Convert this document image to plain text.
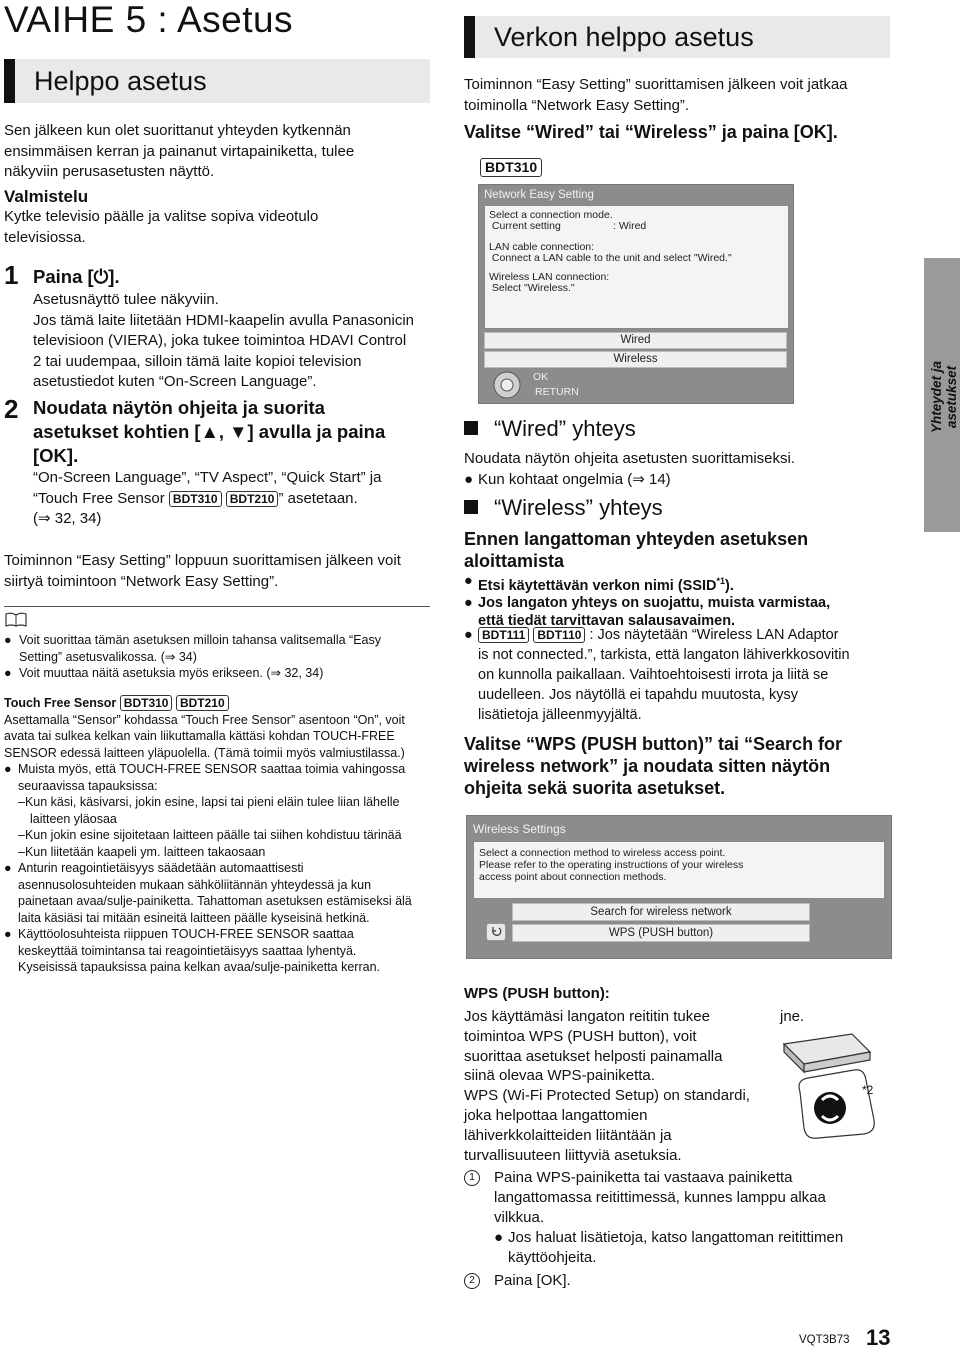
VAIHE 5 : Asetus
Helppo asetus
Sen jälkeen kun olet suorittanut yhteyden kytkennän
ensimmäisen kerran ja painanut virtapainiketta, tulee
näkyviin perusasetusten näyttö.
Valmistelu
Kytke televisio päälle ja valitse sopiva videotulo
televisiossa.
1 Paina [⏻].
Asetusnäyttö tulee näkyviin.
Jos tämä laite liitetään HDMI-kaapelin avulla Panasonicin
televisioon (VIERA), joka tukee toimintoa HDAVI Control
2 tai uudempaa, silloin tämä laite kopioi television
asetustiedot kuten “On-Screen Language”.
2 Noudata näytön ohjeita ja suorita
asetukset kohtien [▲, ▼] avulla ja paina
[OK].
“On-Screen Language”, “TV Aspect”, “Quick Start” ja
“Touch Free Sensor BDT310 BDT210 ” asetetaan.
(⇒ 32, 34)
Toiminnon “Easy Setting” loppuun suorittamisen jälkeen voit
siirtyä toimintoon “Network Easy Setting”.
● Voit suorittaa tämän asetuksen milloin tahansa valitsemalla “Easy
Setting” asetusvalikossa. (⇒ 34)
● Voit muuttaa näitä asetuksia myös erikseen. (⇒ 32, 34)
Touch Free Sensor BDT310 BDT210
Asettamalla “Sensor” kohdassa “Touch Free Sensor” asentoon “On”, voit
avata tai sulkea kelkan vain liikuttamalla kättäsi kohdan TOUCH-FREE
SENSOR edessä laitteen yläpuolella. (Tämä toimii myös valmiustilassa.)
● Muista myös, että TOUCH-FREE SENSOR saattaa toimia vahingossa
seuraavissa tapauksissa:
–Kun käsi, käsivarsi, jokin esine, lapsi tai pieni eläin tulee liian lähelle
laitteen yläosaa
–Kun jokin esine sijoitetaan laitteen päälle tai siihen kohdistuu tärinää
–Kun liitetään kaapeli ym. laitteen takaosaan
● Anturin reagointietäisyys säädetään automaattisesti
asennusolosuhteiden mukaan sähköliitännän yhteydessä ja kun
painetaan avaa/sulje-painiketta. Tahattoman asetuksen estämiseksi älä
laita käsiäsi tai mitään esineitä laitteen päälle kyseisinä hetkinä.
● Käyttöolosuhteista riippuen TOUCH-FREE SENSOR saattaa
keskeyttää toimintansa tai reagointietäisyys saattaa lyhentyä.
Kyseisissä tapauksissa paina kelkan avaa/sulje-painiketta kerran.
Verkon helppo asetus
Toiminnon “Easy Setting” suorittamisen jälkeen voit jatkaa
toiminolla “Network Easy Setting”.
Valitse “Wired” tai “Wireless” ja paina [OK].
BDT310
Network Easy Setting
Select a connection mode.
Current setting	: Wired
LAN cable connection:
Connect a LAN cable to the unit and select "Wired."
Wireless LAN connection:
Select "Wireless."
Wired
Wireless
OK
RETURN
“Wired” yhteys
Noudata näytön ohjeita asetusten suorittamiseksi.
● Kun kohtaat ongelmia (⇒ 14)
“Wireless” yhteys
Ennen langattoman yhteyden asetuksen
aloittamista
● Etsi käytettävän verkon nimi (SSID$^{*1}$).
● Jos langaton yhteys on suojattu, muista varmistaa,
että tiedät tarvittavan salausavaimen.
● BDT111 BDT110 : Jos näytetään “Wireless LAN Adaptor
is not connected.”, tarkista, että langaton lähiverkkosovitin
on kunnolla paikallaan. Vaihtoehtoisesti irrota ja liitä se
uudelleen. Jos näytöllä ei tapahdu muutosta, kysy
lisätietoja jälleenmyyjältä.
Valitse “WPS (PUSH button)” tai “Search for
wireless network” ja noudata sitten näytön
ohjeita sekä suorita asetukset.
Wireless Settings
Select a connection method to wireless access point.
Please refer to the operating instructions of your wireless
access point about connection methods.
Search for wireless network
WPS (PUSH button)
WPS (PUSH button):
Jos käyttämäsi langaton reititin tukee
toimintoa WPS (PUSH button), voit
suorittaa asetukset helposti painamalla
siinä olevaa WPS-painiketta.
WPS (Wi-Fi Protected Setup) on standardi,
joka helpottaa langattomien
lähiverkkolaitteiden liitäntään ja
turvallisuuteen liittyviä asetuksia.
jne.
*2
1	Paina WPS-painiketta tai vastaava painiketta
langattomassa reitittimessä, kunnes lamppu alkaa
vilkkua.
● Jos haluat lisätietoja, katso langattoman reitittimen
käyttöohjeita.
2	Paina [OK].
Yhteydet ja asetukset
VQT3B73 13
